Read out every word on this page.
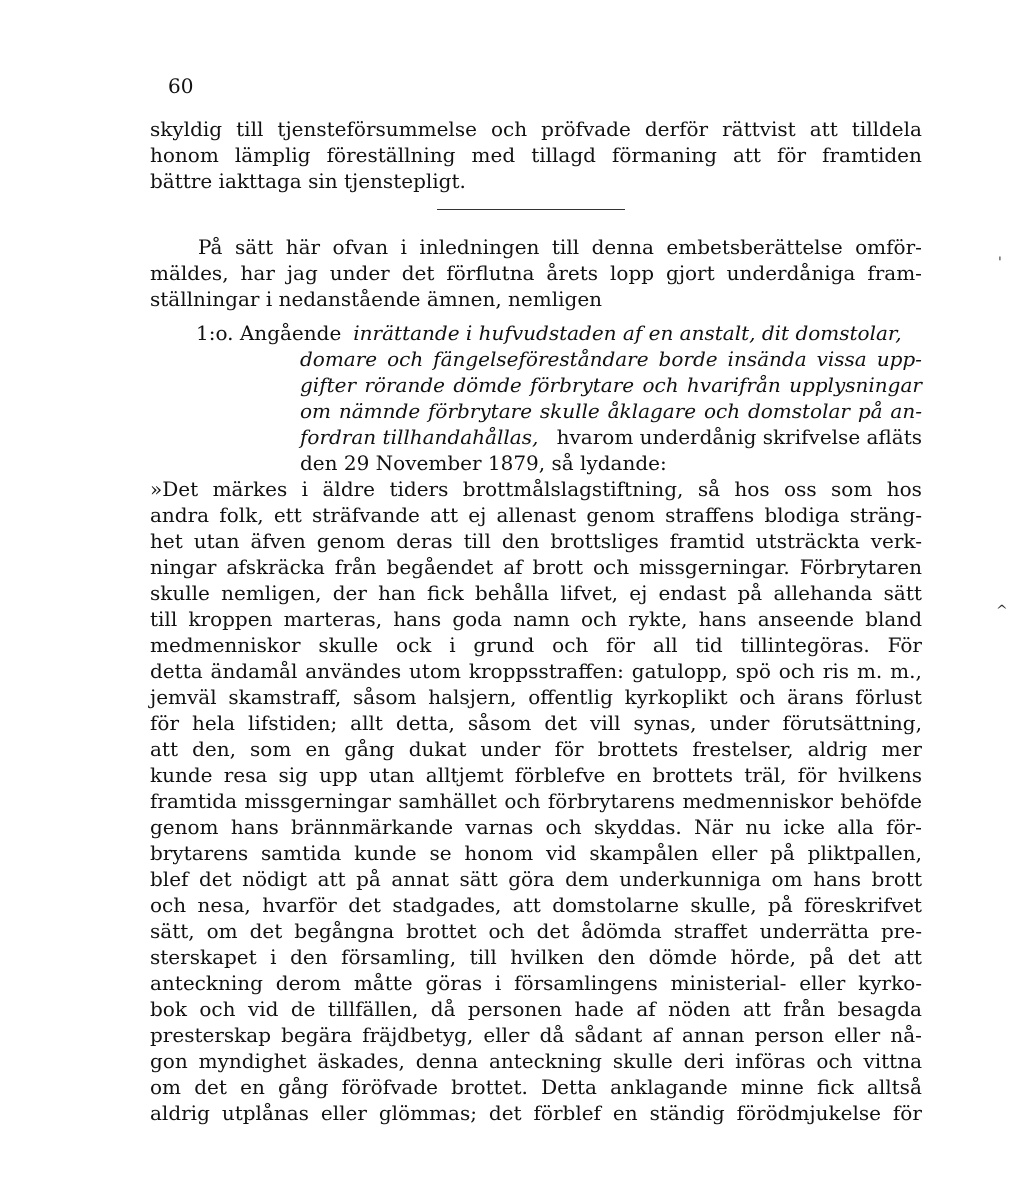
60
skyldig till tjensteförsummelse och pröfvade derför rättvist att tilldela
honom lämplig föreställning med tillagd förmaning att för framtiden
bättre iakttaga sin tjenstepligt.
På sätt här ofvan i inledningen till denna embetsberättelse omför-
mäldes, har jag under det förflutna årets lopp gjort underdåniga fram-
ställningar i nedanstående ämnen, nemligen
1:o. Angående inrättande i hufvudstaden af en anstalt, dit domstolar,
domare och fängelseföreståndare borde insända vissa upp-
gifter rörande dömde förbrytare och hvarifrån upplysningar
om nämnde förbrytare skulle åklagare och domstolar på an-
fordran tillhandahållas, hvarom underdånig skrifvelse afläts
den 29 November 1879, så lydande:
»Det märkes i äldre tiders brottmålslagstiftning, så hos oss som hos
andra folk, ett sträfvande att ej allenast genom straffens blodiga sträng-
het utan äfven genom deras till den brottsliges framtid utsträckta verk-
ningar afskräcka från begåendet af brott och missgerningar. Förbrytaren
skulle nemligen, der han fick behålla lifvet, ej endast på allehanda sätt
till kroppen marteras, hans goda namn och rykte, hans anseende bland
medmenniskor skulle ock i grund och för all tid tillintegöras. För
detta ändamål användes utom kroppsstraffen: gatulopp, spö och ris m. m.,
jemväl skamstraff, såsom halsjern, offentlig kyrkoplikt och ärans förlust
för hela lifstiden; allt detta, såsom det vill synas, under förutsättning,
att den, som en gång dukat under för brottets frestelser, aldrig mer
kunde resa sig upp utan alltjemt förblefve en brottets träl, för hvilkens
framtida missgerningar samhället och förbrytarens medmenniskor behöfde
genom hans brännmärkande varnas och skyddas. När nu icke alla för-
brytarens samtida kunde se honom vid skampålen eller på pliktpallen,
blef det nödigt att på annat sätt göra dem underkunniga om hans brott
och nesa, hvarför det stadgades, att domstolarne skulle, på föreskrifvet
sätt, om det begångna brottet och det ådömda straffet underrätta pre-
sterskapet i den församling, till hvilken den dömde hörde, på det att
anteckning derom måtte göras i församlingens ministerial- eller kyrko-
bok och vid de tillfällen, då personen hade af nöden att från besagda
presterskap begära fräjdbetyg, eller då sådant af annan person eller nå-
gon myndighet äskades, denna anteckning skulle deri införas och vittna
om det en gång föröfvade brottet. Detta anklagande minne fick alltså
aldrig utplånas eller glömmas; det förblef en ständig förödmjukelse för
'
^
